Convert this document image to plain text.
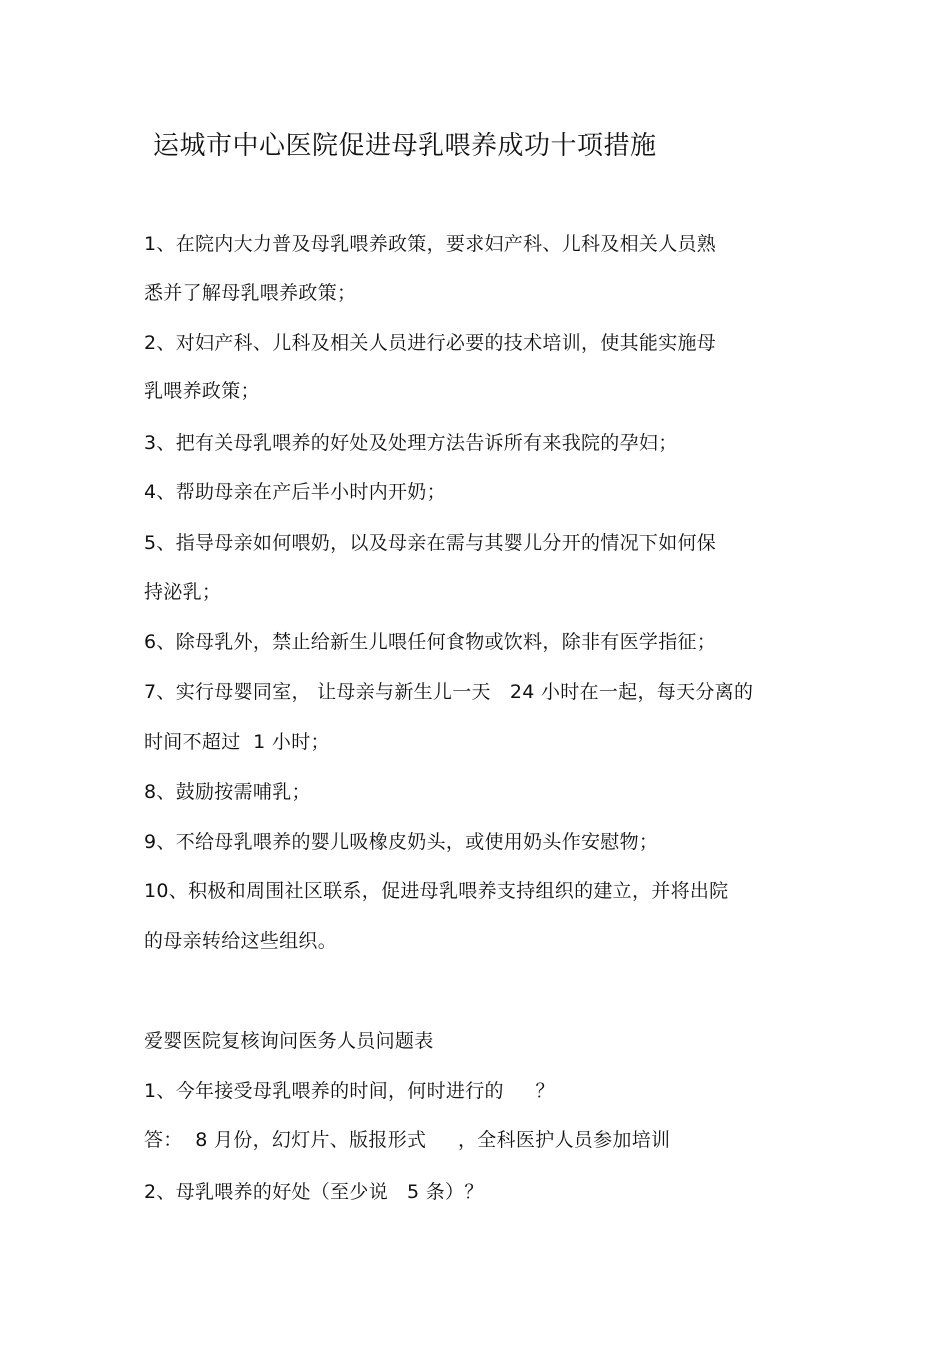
运城市中心医院促进母乳喂养成功十项措施
1、在院内大力普及母乳喂养政策，要求妇产科、儿科及相关人员熟
悉并了解母乳喂养政策；
2、对妇产科、儿科及相关人员进行必要的技术培训，使其能实施母
乳喂养政策；
3、把有关母乳喂养的好处及处理方法告诉所有来我院的孕妇；
4、帮助母亲在产后半小时内开奶；
5、指导母亲如何喂奶，以及母亲在需与其婴儿分开的情况下如何保
持泌乳；
6、除母乳外，禁止给新生儿喂任何食物或饮料，除非有医学指征；
7、实行母婴同室， 让母亲与新生儿一天   24 小时在一起，每天分离的
时间不超过  1 小时；
8、鼓励按需哺乳；
9、不给母乳喂养的婴儿吸橡皮奶头，或使用奶头作安慰物；
10、积极和周围社区联系，促进母乳喂养支持组织的建立，并将出院
的母亲转给这些组织。
爱婴医院复核询问医务人员问题表
1、今年接受母乳喂养的时间，何时进行的     ？
答：  8 月份，幻灯片、版报形式     ，全科医护人员参加培训
2、母乳喂养的好处（至少说   5 条）？
